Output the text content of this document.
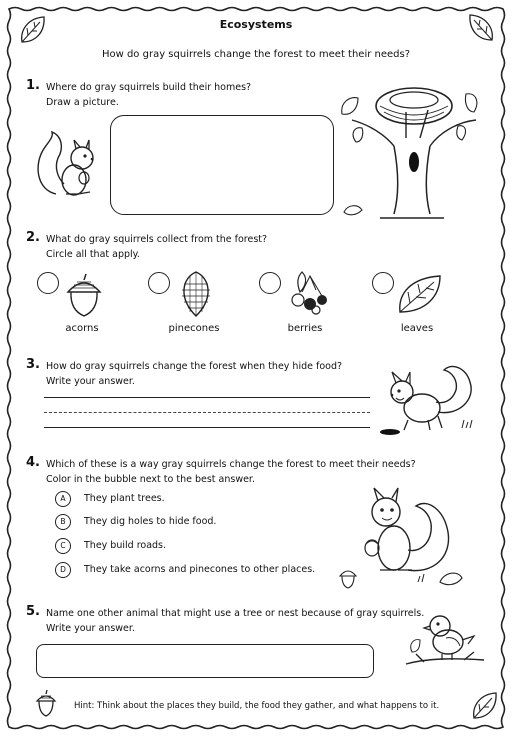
Ecosystems
How do gray squirrels change the forest to meet their needs?
1. Where do gray squirrels build their homes?
Draw a picture.
2. What do gray squirrels collect from the forest?
Circle all that apply.
acorns	pinecones	berries	leaves
3. How do gray squirrels change the forest when they hide food?
Write your answer.
4. Which of these is a way gray squirrels change the forest to meet their needs?
Color in the bubble next to the best answer.
A	They plant trees.
B	They dig holes to hide food.
C	They build roads.
D	They take acorns and pinecones to other places.
5. Name one other animal that might use a tree or nest because of gray squirrels.
Write your answer.
Hint: Think about the places they build, the food they gather, and what happens to it.
